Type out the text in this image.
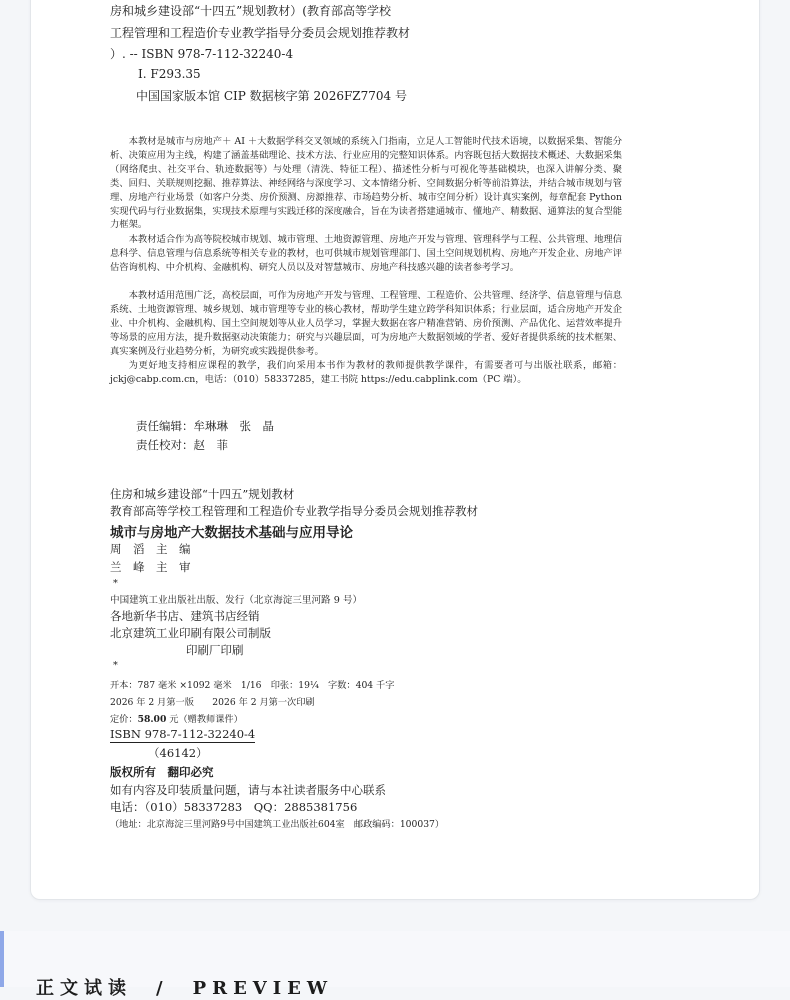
房和城乡建设部“十四五”规划教材）(教育部高等学校
工程管理和工程造价专业教学指导分委员会规划推荐教材
）. -- ISBN 978-7-112-32240-4
Ⅰ. F293.35
中国国家版本馆 CIP 数据核字第 2026FZ7704 号

本教材是城市与房地产＋ AI ＋大数据学科交叉领域的系统入门指南，立足人工智能时代技术语境，以数据采集、智能分析、决策应用为主线，构建了涵盖基础理论、技术方法、行业应用的完整知识体系。内容既包括大数据技术概述、大数据采集（网络爬虫、社交平台、轨迹数据等）与处理（清洗、特征工程）、描述性分析与可视化等基础模块，也深入讲解分类、聚类、回归、关联规则挖掘、推荐算法、神经网络与深度学习、文本情绪分析、空间数据分析等前沿算法，并结合城市规划与管理、房地产行业场景（如客户分类、房价预测、房源推荐、市场趋势分析、城市空间分析）设计真实案例，每章配套 Python 实现代码与行业数据集，实现技术原理与实践迁移的深度融合，旨在为读者搭建通城市、懂地产、精数据、通算法的复合型能力框架。

本教材适合作为高等院校城市规划、城市管理、土地资源管理、房地产开发与管理、管理科学与工程、公共管理、地理信息科学、信息管理与信息系统等相关专业的教材，也可供城市规划管理部门、国土空间规划机构、房地产开发企业、房地产评估咨询机构、中介机构、金融机构、研究人员以及对智慧城市、房地产科技感兴趣的读者参考学习。

本教材适用范围广泛，高校层面，可作为房地产开发与管理、工程管理、工程造价、公共管理、经济学、信息管理与信息系统、土地资源管理、城乡规划、城市管理等专业的核心教材，帮助学生建立跨学科知识体系；行业层面，适合房地产开发企业、中介机构、金融机构、国土空间规划等从业人员学习，掌握大数据在客户精准营销、房价预测、产品优化、运营效率提升等场景的应用方法，提升数据驱动决策能力；研究与兴趣层面，可为房地产大数据领域的学者、爱好者提供系统的技术框架、真实案例及行业趋势分析，为研究或实践提供参考。

为更好地支持相应课程的教学，我们向采用本书作为教材的教师提供教学课件，有需要者可与出版社联系，邮箱：jckj@cabp.com.cn，电话：（010）58337285，建工书院 https://edu.cabplink.com（PC 端）。

责任编辑：牟琳琳　张　晶
责任校对：赵　菲
住房和城乡建设部“十四五”规划教材
教育部高等学校工程管理和工程造价专业教学指导分委员会规划推荐教材
城市与房地产大数据技术基础与应用导论
周　滔　主　编
兰　峰　主　审
*
中国建筑工业出版社出版、发行（北京海淀三里河路 9 号）
各地新华书店、建筑书店经销
北京建筑工业印刷有限公司制版
印刷厂印刷
*
开本：787 毫米 ×1092 毫米　1/16　印张：19¼　字数：404 千字
2026 年 2 月第一版　　2026 年 2 月第一次印刷
定价：58.00 元（赠教师课件）
ISBN 978-7-112-32240-4
（46142）
版权所有　翻印必究
如有内容及印装质量问题，请与本社读者服务中心联系
电话：（010）58337283　QQ：2885381756
（地址：北京海淀三里河路9号中国建筑工业出版社604室　邮政编码：100037）
正文试读　/　PREVIEW
